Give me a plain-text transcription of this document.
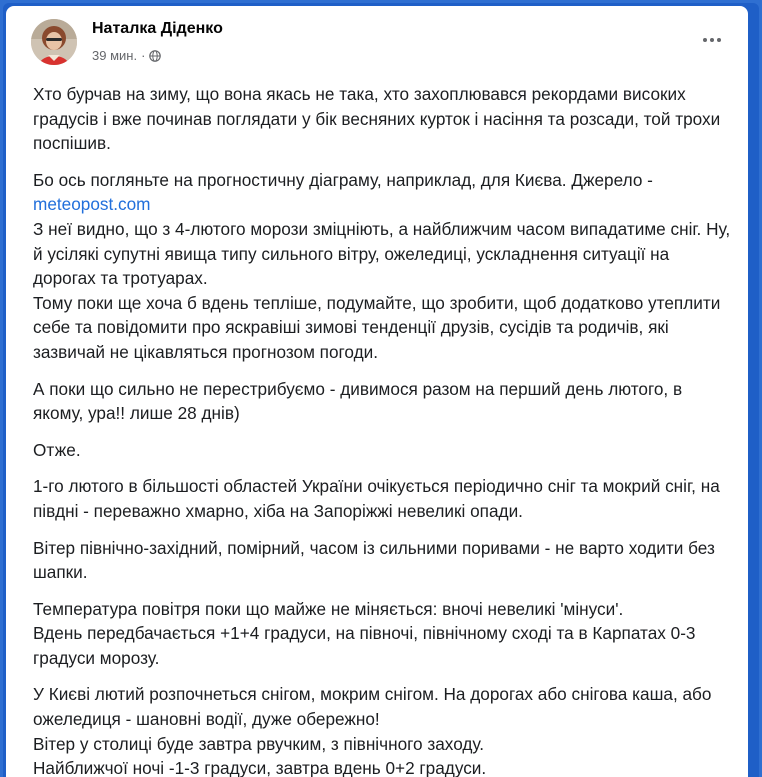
Наталка Діденко
39 мин. ·

Хто бурчав на зиму, що вона якась не така, хто захоплювався рекордами високих градусів і вже починав поглядати у бік весняних курток і насіння та розсади, той трохи поспішив.

Бо ось погляньте на прогностичну діаграму, наприклад, для Києва. Джерело - meteopost.com

З неї видно, що з 4-лютого морози зміцніють, а найближчим часом випадатиме сніг. Ну, й усілякі супутні явища типу сильного вітру, ожеледиці, ускладнення ситуації на дорогах та тротуарах.

Тому поки ще хоча б вдень тепліше, подумайте, що зробити, щоб додатково утеплити себе та повідомити про яскравіші зимові тенденції друзів, сусідів та родичів, які зазвичай не цікавляться прогнозом погоди.

А поки що сильно не перестрибуємо - дивимося разом на перший день лютого, в якому, ура!! лише 28 днів)

Отже.

1-го лютого в більшості областей України очікується періодично сніг та мокрий сніг, на півдні - переважно хмарно, хіба на Запоріжжі невеликі опади.

Вітер північно-західний, помірний, часом із сильними поривами - не варто ходити без шапки.

Температура повітря поки що майже не міняється: вночі невеликі 'мінуси'.

Вдень передбачається +1+4 градуси, на півночі, північному сході та в Карпатах 0-3 градуси морозу.

У Києві лютий розпочнеться снігом, мокрим снігом. На дорогах або снігова каша, або ожеледиця - шановні водії, дуже обережно!

Вітер у столиці буде завтра рвучким, з північного заходу.

Найближчої ночі -1-3 градуси, завтра вдень 0+2 градуси.
